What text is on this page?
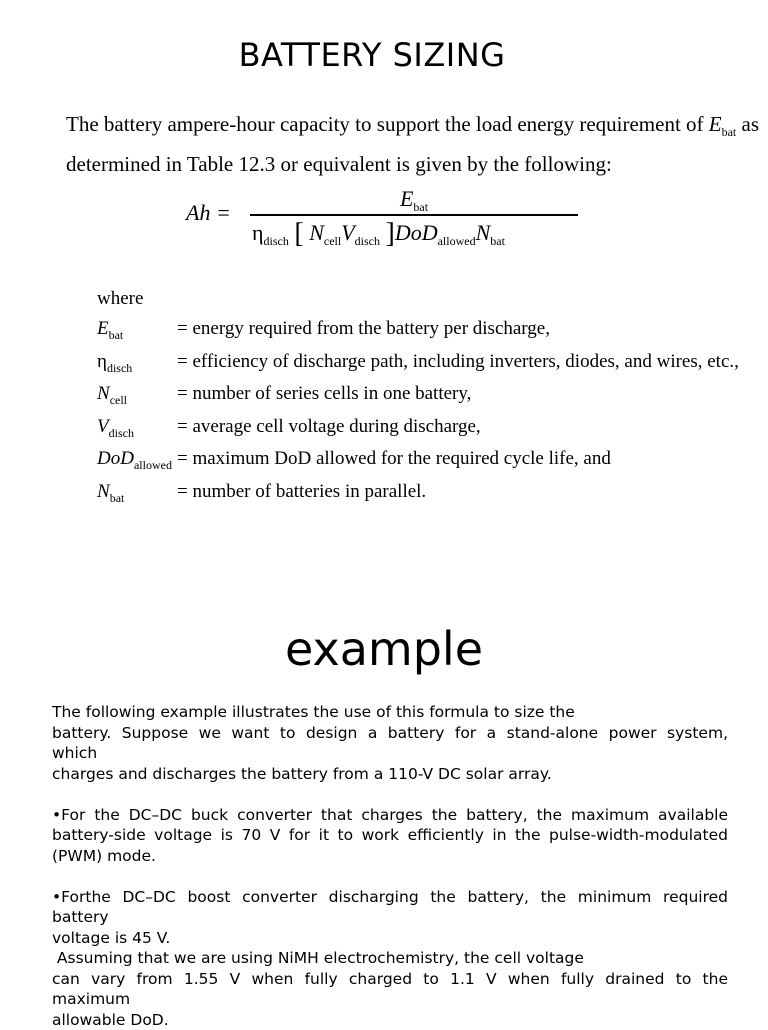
BATTERY SIZING
The battery ampere-hour capacity to support the load energy requirement of $E_{bat}$ as
determined in Table 12.3 or equivalent is given by the following:
Ah =
$E_{bat}$
$\eta_{disch}$ [ $N_{cell}V_{disch}$ ]$DoD_{allowed}N_{bat}$
where
$E_{bat}$	= energy required from the battery per discharge,
$\eta_{disch}$ = efficiency of discharge path, including inverters, diodes, and wires, etc.,
$N_{cell}$	= number of series cells in one battery,
$V_{disch}$ = average cell voltage during discharge,
DoD$_{allowed}$ = maximum DoD allowed for the required cycle life, and
$N_{bat}$	= number of batteries in parallel.
example
The following example illustrates the use of this formula to size the
battery. Suppose we want to design a battery for a stand-alone power system,
which
charges and discharges the battery from a 110-V DC solar array.
•For the DC–DC buck converter that charges the battery, the maximum available battery-side voltage is 70 V for it to work efficiently in the pulse-width-modulated (PWM) mode.
•Forthe DC–DC boost converter discharging the battery, the minimum required
battery
voltage is 45 V.
Assuming that we are using NiMH electrochemistry, the cell voltage
can vary from 1.55 V when fully charged to 1.1 V when fully drained to the
maximum
allowable DoD.
